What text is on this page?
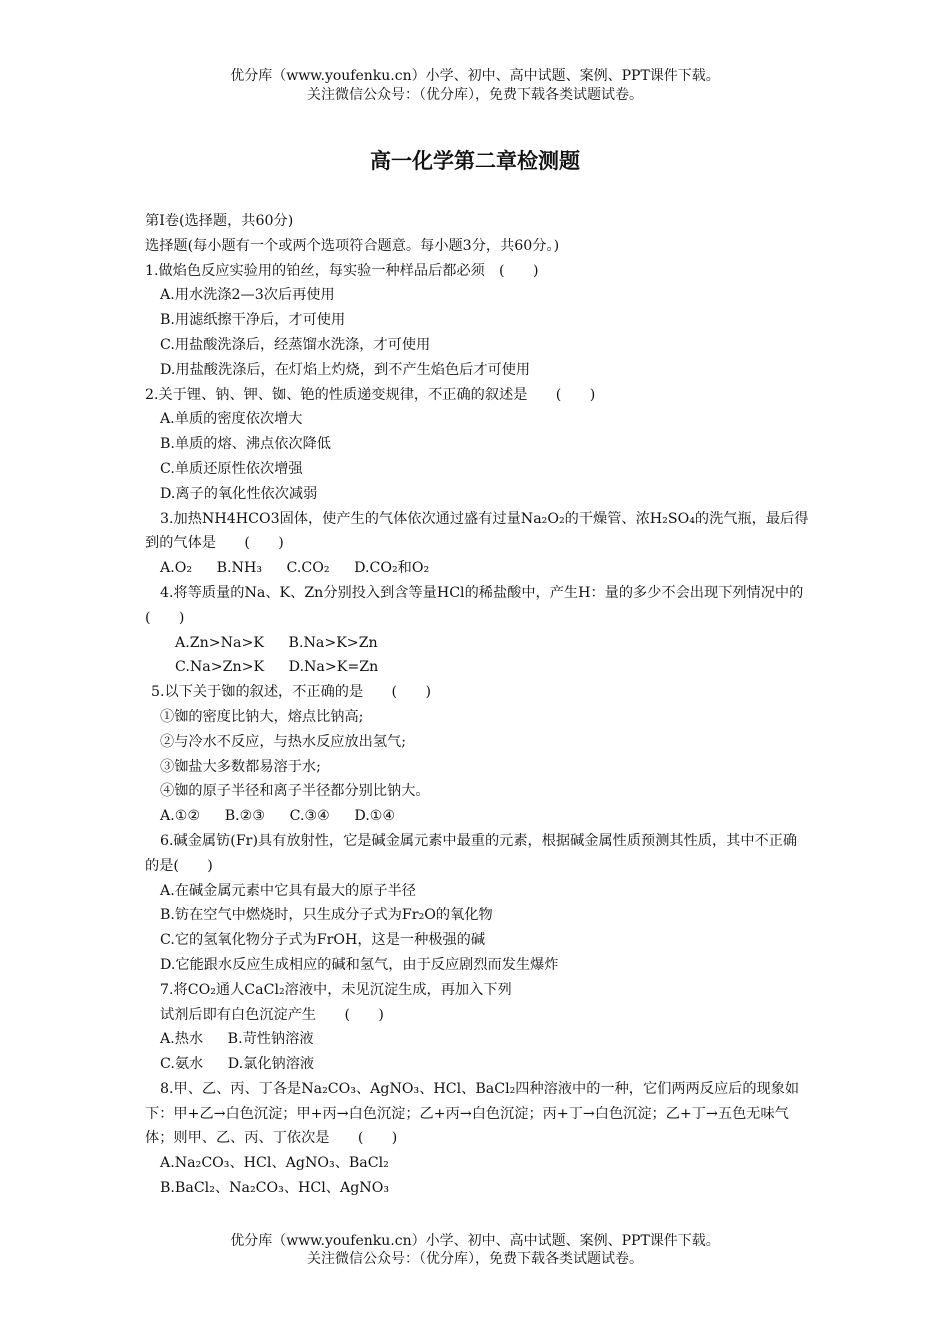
优分库（www.youfenku.cn）小学、初中、高中试题、案例、PPT课件下载。
关注微信公众号：（优分库），免费下载各类试题试卷。
高一化学第二章检测题
第I卷(选择题，共60分)
选择题(每小题有一个或两个选项符合题意。每小题3分，共60分。)
1.做焰色反应实验用的铂丝，每实验一种样品后都必须　(　　)
A.用水洗涤2—3次后再使用
B.用滤纸擦干净后，才可使用
C.用盐酸洗涤后，经蒸馏水洗涤，才可使用
D.用盐酸洗涤后，在灯焰上灼烧，到不产生焰色后才可使用
2.关于锂、钠、钾、铷、铯的性质递变规律，不正确的叙述是　　(　　)
A.单质的密度依次增大
B.单质的熔、沸点依次降低
C.单质还原性依次增强
D.离子的氧化性依次减弱
3.加热NH4HCO3固体，使产生的气体依次通过盛有过量Na₂O₂的干燥管、浓H₂SO₄的洗气瓶，最后得到的气体是　　(　　)
A.O₂ B.NH₃ C.CO₂ D.CO₂和O₂
4.将等质量的Na、K、Zn分别投入到含等量HCl的稀盐酸中，产生H：量的多少不会出现下列情况中的(　　)
A.Zn>Na>K B.Na>K>Zn
C.Na>Zn>K D.Na>K=Zn
5.以下关于铷的叙述，不正确的是　　(　　)
①铷的密度比钠大，熔点比钠高;
②与冷水不反应，与热水反应放出氢气;
③铷盐大多数都易溶于水;
④铷的原子半径和离子半径都分别比钠大。
A.①② B.②③ C.③④ D.①④
6.碱金属钫(Fr)具有放射性，它是碱金属元素中最重的元素，根据碱金属性质预测其性质，其中不正确的是(　　)
A.在碱金属元素中它具有最大的原子半径
B.钫在空气中燃烧时，只生成分子式为Fr₂O的氧化物
C.它的氢氧化物分子式为FrOH，这是一种极强的碱
D.它能跟水反应生成相应的碱和氢气，由于反应剧烈而发生爆炸
7.将CO₂通人CaCl₂溶液中，未见沉淀生成，再加入下列
试剂后即有白色沉淀产生　　(　　)
A.热水 B.苛性钠溶液
C.氨水 D.氯化钠溶液
8.甲、乙、丙、丁各是Na₂CO₃、AgNO₃、HCl、BaCl₂四种溶液中的一种，它们两两反应后的现象如下：甲+乙→白色沉淀；甲+丙→白色沉淀；乙+丙→白色沉淀；丙+丁→白色沉淀；乙+丁→五色无味气体；则甲、乙、丙、丁依次是　　(　　)
A.Na₂CO₃、HCl、AgNO₃、BaCl₂
B.BaCl₂、Na₂CO₃、HCl、AgNO₃
优分库（www.youfenku.cn）小学、初中、高中试题、案例、PPT课件下载。
关注微信公众号：（优分库），免费下载各类试题试卷。
